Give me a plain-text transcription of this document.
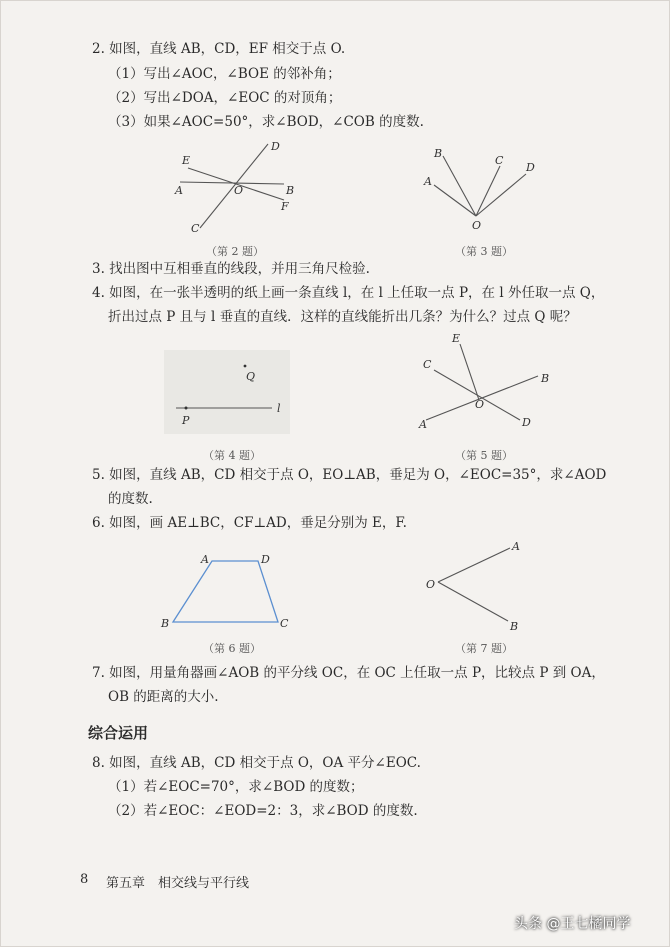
2. 如图，直线 AB，CD，EF 相交于点 O.
（1）写出∠AOC，∠BOE 的邻补角；
（2）写出∠DOA，∠EOC 的对顶角；
（3）如果∠AOC=50°，求∠BOD，∠COB 的度数.
D
E
A	O	B
F
C
（第 2 题）
B
A
C
D
O
（第 3 题）
3. 找出图中互相垂直的线段，并用三角尺检验.
4. 如图，在一张半透明的纸上画一条直线 l，在 l 上任取一点 P，在 l 外任取一点 Q，
折出过点 P 且与 l 垂直的直线．这样的直线能折出几条？为什么？过点 Q 呢？
Q
P
l
（第 4 题）
E
C
B
O
D
A
（第 5 题）
5. 如图，直线 AB，CD 相交于点 O，EO⊥AB，垂足为 O，∠EOC=35°，求∠AOD
的度数.
6. 如图，画 AE⊥BC，CF⊥AD，垂足分别为 E，F.
A	D
B	C
（第 6 题）
A
O
B
（第 7 题）
7. 如图，用量角器画∠AOB 的平分线 OC，在 OC 上任取一点 P，比较点 P 到 OA，
OB 的距离的大小.
综合运用
8. 如图，直线 AB，CD 相交于点 O，OA 平分∠EOC.
（1）若∠EOC=70°，求∠BOD 的度数；
（2）若∠EOC：∠EOD=2：3，求∠BOD 的度数.
8 第五章　相交线与平行线
头条 @王七橘同学
